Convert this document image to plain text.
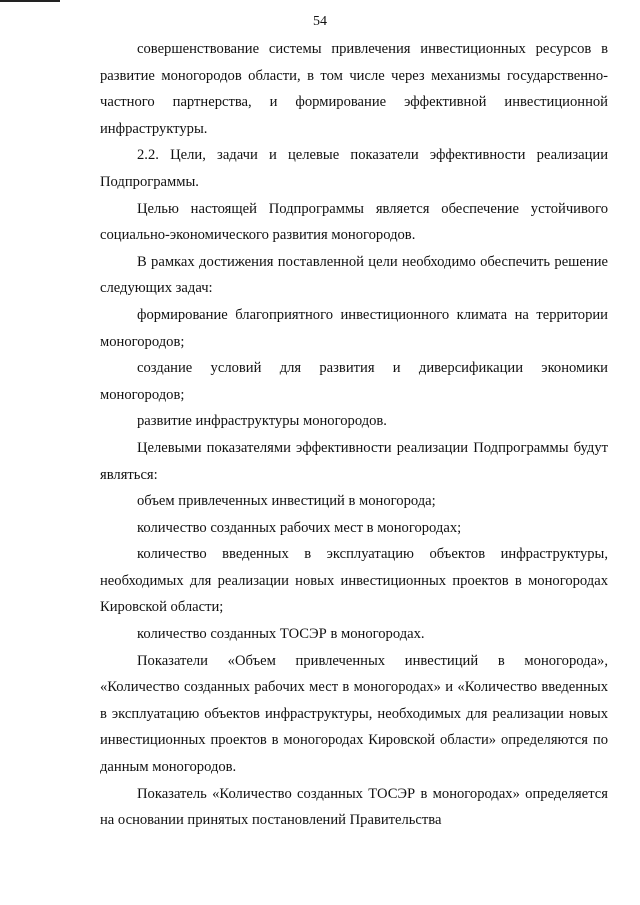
54

совершенствование системы привлечения инвестиционных ресурсов в развитие моногородов области, в том числе через механизмы государственно-частного партнерства, и формирование эффективной инвестиционной инфраструктуры.

2.2. Цели, задачи и целевые показатели эффективности реализации Подпрограммы.

Целью настоящей Подпрограммы является обеспечение устойчивого социально-экономического развития моногородов.

В рамках достижения поставленной цели необходимо обеспечить решение следующих задач:

формирование благоприятного инвестиционного климата на территории моногородов;

создание условий для развития и диверсификации экономики моногородов;

развитие инфраструктуры моногородов.

Целевыми показателями эффективности реализации Подпрограммы будут являться:

объем привлеченных инвестиций в моногорода;

количество созданных рабочих мест в моногородах;

количество введенных в эксплуатацию объектов инфраструктуры, необходимых для реализации новых инвестиционных проектов в моногородах Кировской области;

количество созданных ТОСЭР в моногородах.

Показатели «Объем привлеченных инвестиций в моногорода», «Количество созданных рабочих мест в моногородах» и «Количество введенных в эксплуатацию объектов инфраструктуры, необходимых для реализации новых инвестиционных проектов в моногородах Кировской области» определяются по данным моногородов.

Показатель «Количество созданных ТОСЭР в моногородах» определяется на основании принятых постановлений Правительства
